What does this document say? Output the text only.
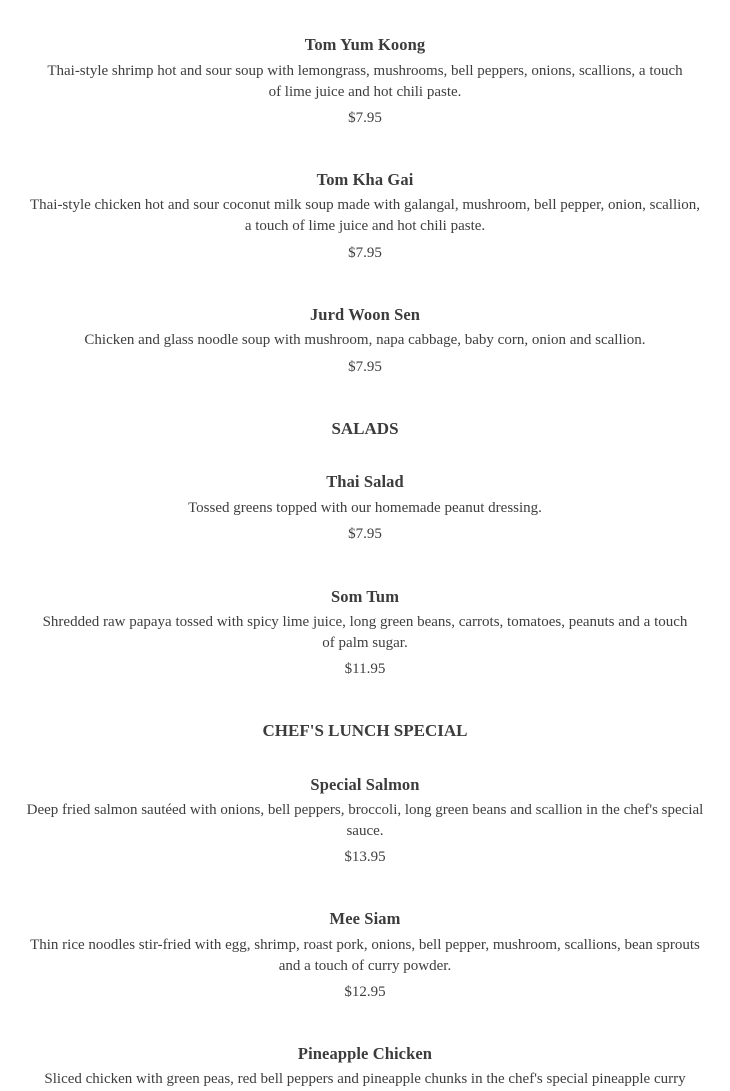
Tom Yum Koong
Thai-style shrimp hot and sour soup with lemongrass, mushrooms, bell peppers, onions, scallions, a touch of lime juice and hot chili paste.
$7.95
Tom Kha Gai
Thai-style chicken hot and sour coconut milk soup made with galangal, mushroom, bell pepper, onion, scallion, a touch of lime juice and hot chili paste.
$7.95
Jurd Woon Sen
Chicken and glass noodle soup with mushroom, napa cabbage, baby corn, onion and scallion.
$7.95
SALADS
Thai Salad
Tossed greens topped with our homemade peanut dressing.
$7.95
Som Tum
Shredded raw papaya tossed with spicy lime juice, long green beans, carrots, tomatoes, peanuts and a touch of palm sugar.
$11.95
CHEF'S LUNCH SPECIAL
Special Salmon
Deep fried salmon sautéed with onions, bell peppers, broccoli, long green beans and scallion in the chef's special sauce.
$13.95
Mee Siam
Thin rice noodles stir-fried with egg, shrimp, roast pork, onions, bell pepper, mushroom, scallions, bean sprouts and a touch of curry powder.
$12.95
Pineapple Chicken
Sliced chicken with green peas, red bell peppers and pineapple chunks in the chef's special pineapple curry
